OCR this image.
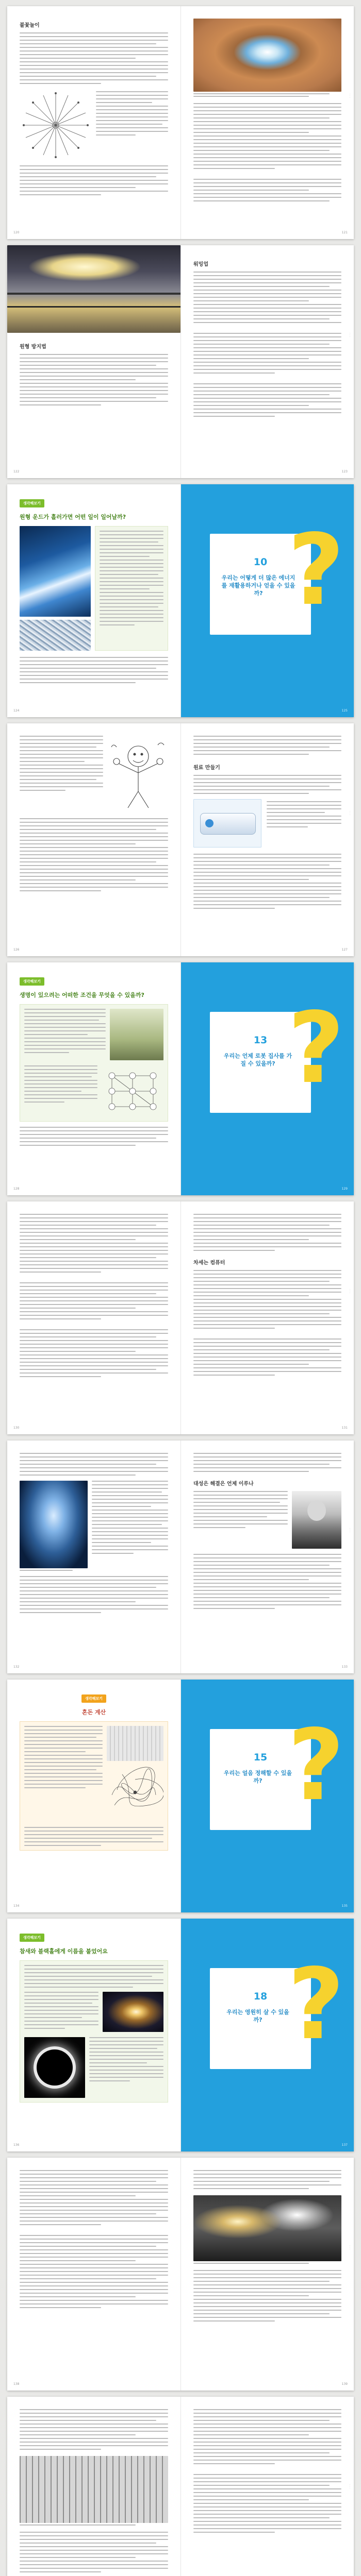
불꽃놀이
120
· · ·
121
원형 방지법
122
워밍업
· · ·
123
생각해보기
원형 운드가 흘러가면 어떤 일이 일어날까?
124
10
우리는 어떻게 더 많은 에너지를 재활용하거나 얻을 수 있을까? ?
125
126
원료 만들기
· · ·
127
생각해보기
생명이 있으려는 어떠한 조건을 무엇을 수 있을까?
128
13
우리는 언제 로봇 집사를 가질 수 있을까? ?
129
130
차세는 컴퓨터
· · ·
131
132
대성은 해결은 언제 이루나
· · ·
133
생각해보기
혼돈 계산
134
15
우리는 얼음 정해할 수 있을까? ?
135
생각해보기
참새와 블랙홀에게 이름을 붙었어요
136
18
우리는 영원히 살 수 있을까? ?
137
138
· · ·
139
· · ·
